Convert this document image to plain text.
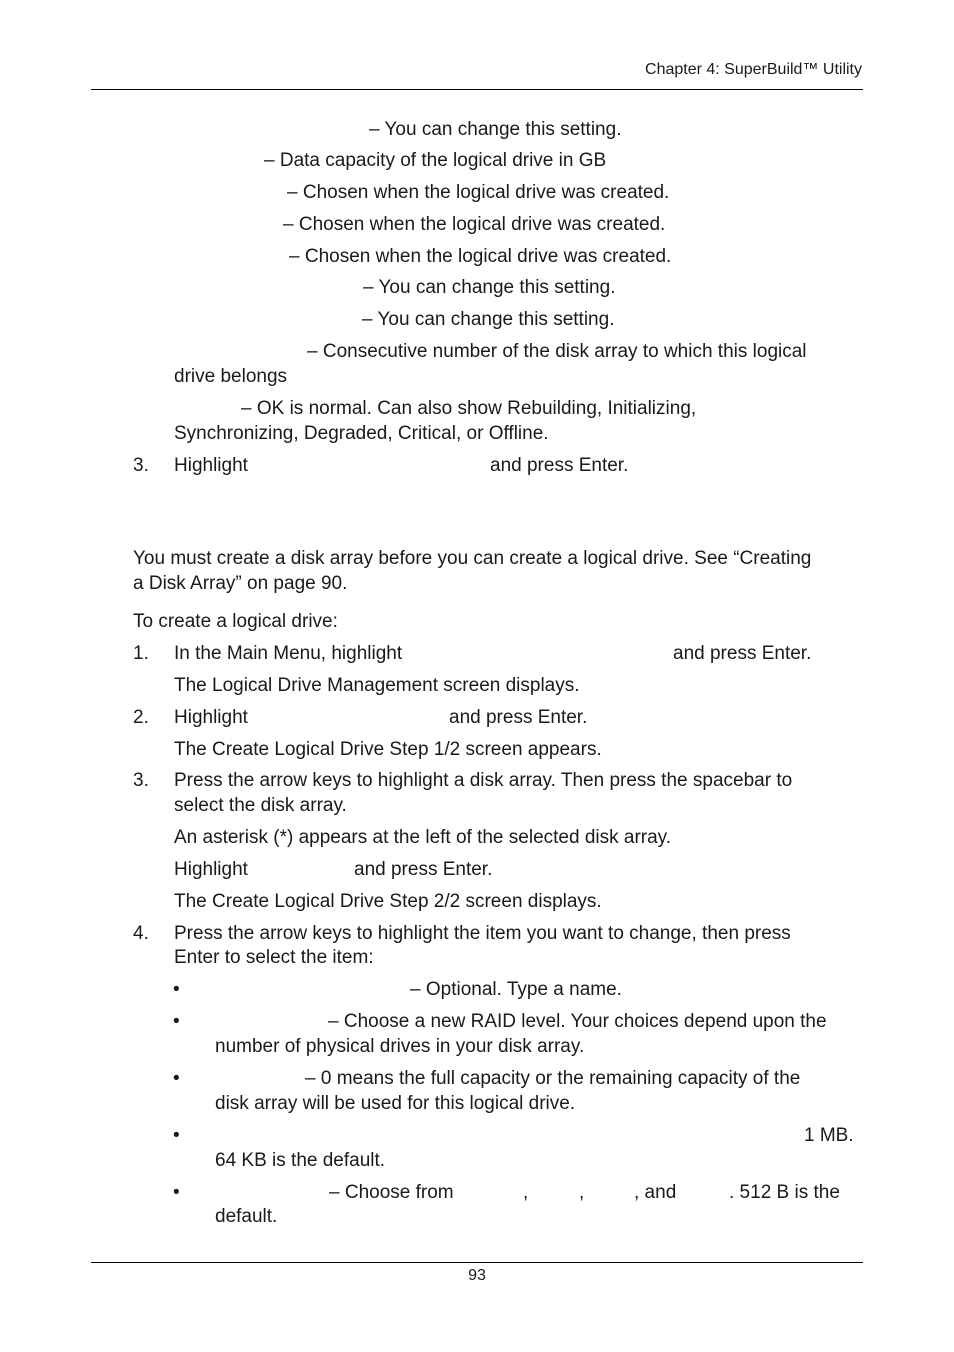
Chapter 4: SuperBuild™ Utility
– You can change this setting.
– Data capacity of the logical drive in GB
– Chosen when the logical drive was created.
– Chosen when the logical drive was created.
– Chosen when the logical drive was created.
– You can change this setting.
– You can change this setting.
– Consecutive number of the disk array to which this logical
drive belongs
– OK is normal. Can also show Rebuilding, Initializing,
Synchronizing, Degraded, Critical, or Offline.
3. Highlight	and press Enter.
You must create a disk array before you can create a logical drive. See “Creating
a Disk Array” on page 90.
To create a logical drive:
1. In the Main Menu, highlight	and press Enter.
The Logical Drive Management screen displays.
2. Highlight	and press Enter.
The Create Logical Drive Step 1/2 screen appears.
3. Press the arrow keys to highlight a disk array. Then press the spacebar to
select the disk array.
An asterisk (*) appears at the left of the selected disk array.
Highlight	and press Enter.
The Create Logical Drive Step 2/2 screen displays.
4. Press the arrow keys to highlight the item you want to change, then press
Enter to select the item:
•	– Optional. Type a name.
•	– Choose a new RAID level. Your choices depend upon the
number of physical drives in your disk array.
•	– 0 means the full capacity or the remaining capacity of the
disk array will be used for this logical drive.
•	1 MB.
64 KB is the default.
•	– Choose from	,	,	, and	. 512 B is the
default.
93
